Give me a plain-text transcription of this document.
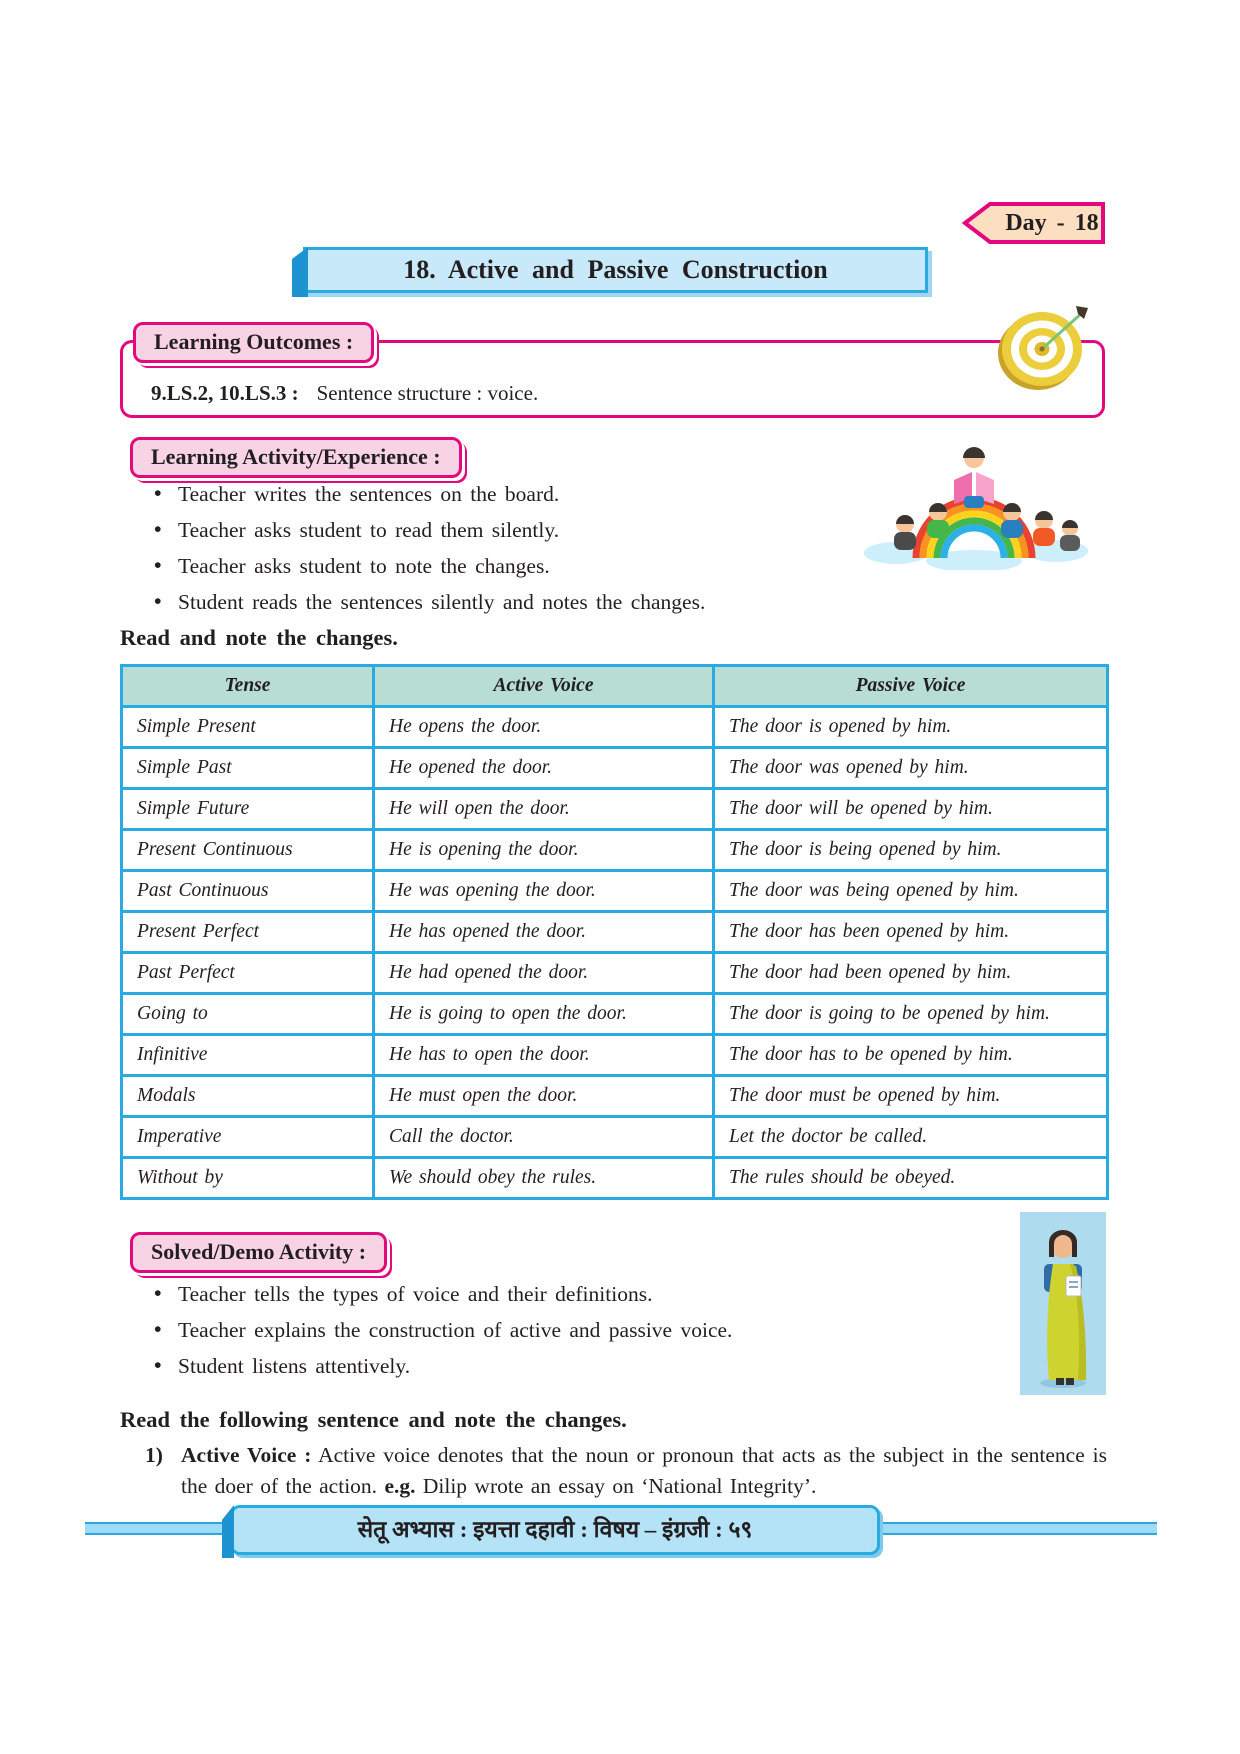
Day - 18
18. Active and Passive Construction
Learning Outcomes :
9.LS.2, 10.LS.3 : Sentence structure : voice.
Learning Activity/Experience :
• Teacher writes the sentences on the board.
• Teacher asks student to read them silently.
• Teacher asks student to note the changes.
• Student reads the sentences silently and notes the changes.
Read and note the changes.
Tense	Active Voice	Passive Voice
Simple Present	He opens the door.	The door is opened by him.
Simple Past	He opened the door.	The door was opened by him.
Simple Future	He will open the door.	The door will be opened by him.
Present Continuous	He is opening the door.	The door is being opened by him.
Past Continuous	He was opening the door.	The door was being opened by him.
Present Perfect	He has opened the door.	The door has been opened by him.
Past Perfect	He had opened the door.	The door had been opened by him.
Going to	He is going to open the door.	The door is going to be opened by him.
Infinitive	He has to open the door.	The door has to be opened by him.
Modals	He must open the door.	The door must be opened by him.
Imperative	Call the doctor.	Let the doctor be called.
Without by	We should obey the rules.	The rules should be obeyed.
Solved/Demo Activity :
• Teacher tells the types of voice and their definitions.
• Teacher explains the construction of active and passive voice.
• Student listens attentively.
Read the following sentence and note the changes.
1) Active Voice : Active voice denotes that the noun or pronoun that acts as the subject in the sentence is the doer of the action. e.g. Dilip wrote an essay on ‘National Integrity’.
सेतू अभ्यास : इयत्ता दहावी : विषय – इंग्रजी : ५९
